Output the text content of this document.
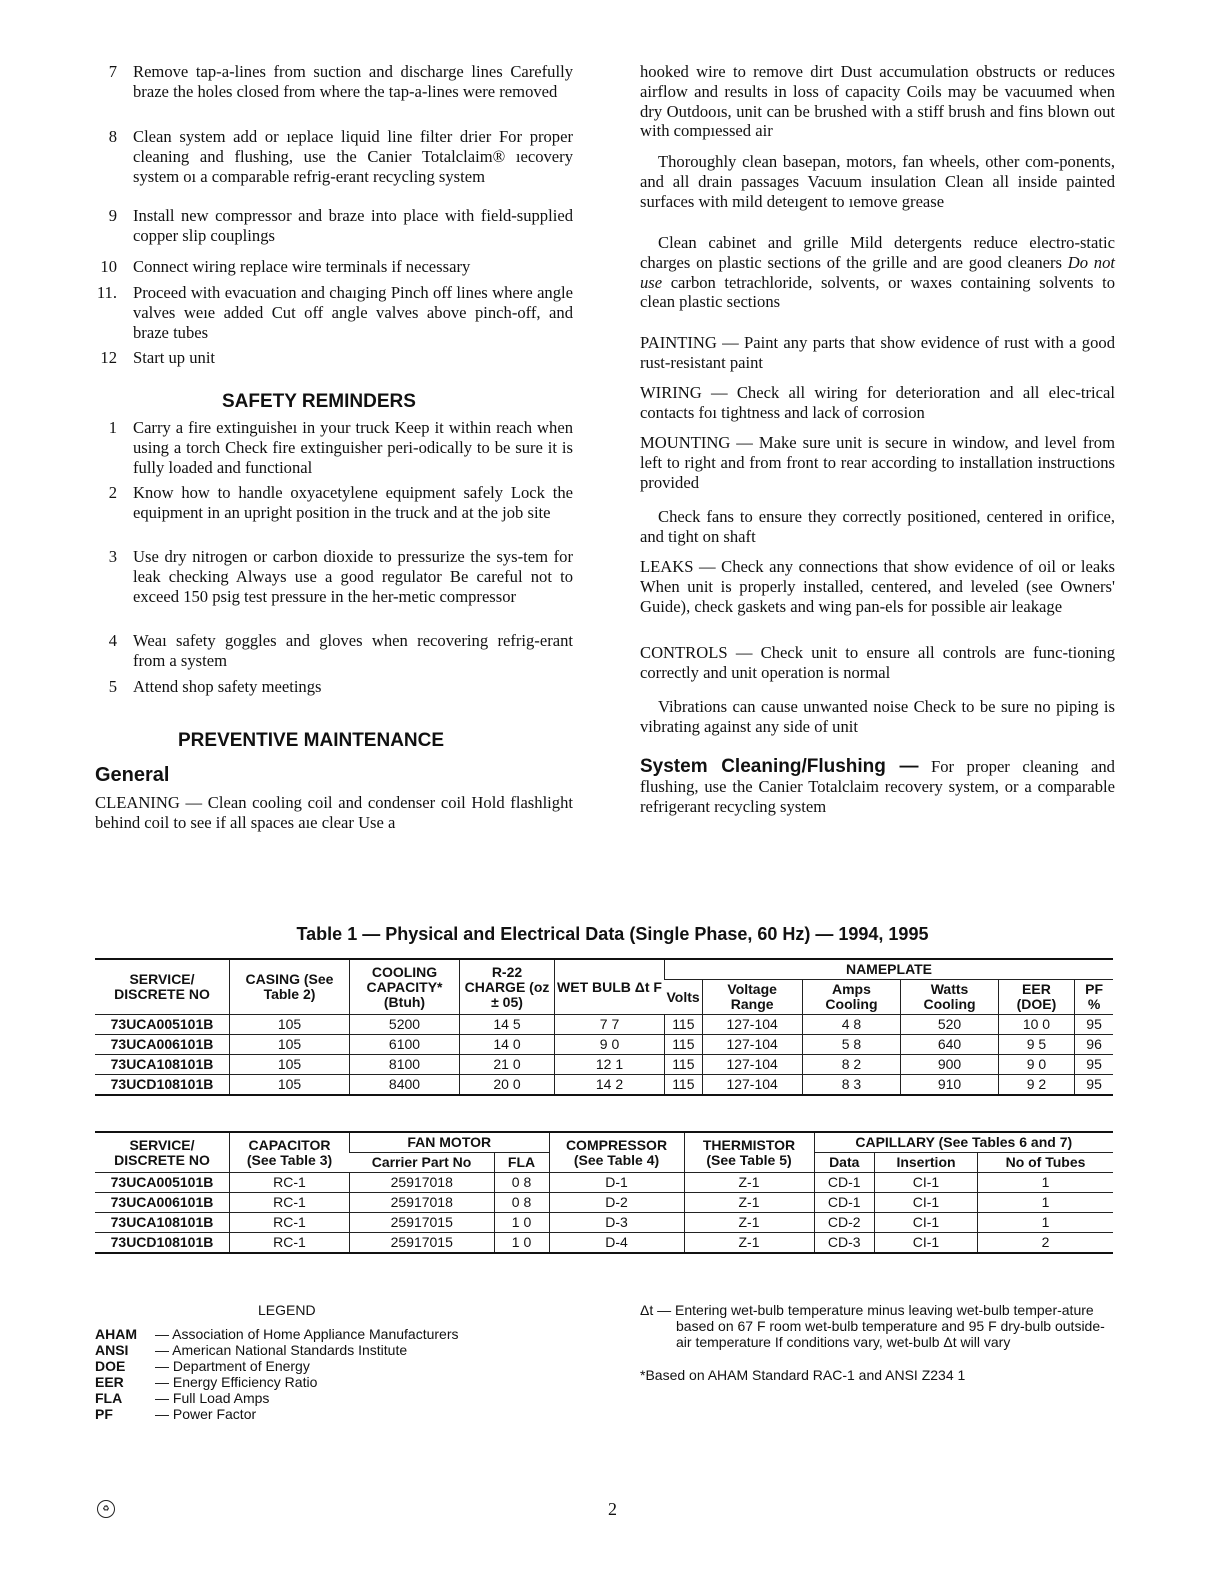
7 Remove tap-a-lines from suction and discharge lines Carefully braze the holes closed from where the tap-a-lines were removed
8 Clean system add or ıeplace liquid line filter drier For proper cleaning and flushing, use the Canier Totalclaim® ıecovery system oı a comparable refrig-erant recycling system
9 Install new compressor and braze into place with field-supplied copper slip couplings
10 Connect wiring replace wire terminals if necessary
11. Proceed with evacuation and chaıging Pinch off lines where angle valves weıe added Cut off angle valves above pinch-off, and braze tubes
12 Start up unit
1 Carry a fire extinguisheı in your truck Keep it within reach when using a torch Check fire extinguisher peri-odically to be sure it is fully loaded and functional
2 Know how to handle oxyacetylene equipment safely Lock the equipment in an upright position in the truck and at the job site
3 Use dry nitrogen or carbon dioxide to pressurize the sys-tem for leak checking Always use a good regulator Be careful not to exceed 150 psig test pressure in the her-metic compressor
4 Weaı safety goggles and gloves when recovering refrig-erant from a system
5 Attend shop safety meetings
SAFETY REMINDERS
PREVENTIVE MAINTENANCE
General
CLEANING — Clean cooling coil and condenser coil Hold flashlight behind coil to see if all spaces aıe clear Use a
hooked wire to remove dirt Dust accumulation obstructs or reduces airflow and results in loss of capacity Coils may be vacuumed when dry Outdooıs, unit can be brushed with a stiff brush and fins blown out with compıessed air
Thoroughly clean basepan, motors, fan wheels, other com-ponents, and all drain passages Vacuum insulation Clean all inside painted surfaces with mild deteıgent to ıemove grease
Clean cabinet and grille Mild detergents reduce electro-static charges on plastic sections of the grille and are good cleaners Do not use carbon tetrachloride, solvents, or waxes containing solvents to clean plastic sections
PAINTING — Paint any parts that show evidence of rust with a good rust-resistant paint
WIRING — Check all wiring for deterioration and all elec-trical contacts foı tightness and lack of corrosion
MOUNTING — Make sure unit is secure in window, and level from left to right and from front to rear according to installation instructions provided
Check fans to ensure they correctly positioned, centered in orifice, and tight on shaft
LEAKS — Check any connections that show evidence of oil or leaks When unit is properly installed, centered, and leveled (see Owners' Guide), check gaskets and wing pan-els for possible air leakage
CONTROLS — Check unit to ensure all controls are func-tioning correctly and unit operation is normal
Vibrations can cause unwanted noise Check to be sure no piping is vibrating against any side of unit
System Cleaning/Flushing — For proper cleaning and flushing, use the Canier Totalclaim recovery system, or a comparable refrigerant recycling system
Table 1 — Physical and Electrical Data (Single Phase, 60 Hz) — 1994, 1995
SERVICE/ DISCRETE NO	CASING (See Table 2)	COOLING CAPACITY* (Btuh)	R-22 CHARGE (oz ± 05)	WET BULB Δt F	NAMEPLATE					
					Volts	Voltage Range	Amps Cooling	Watts Cooling	EER (DOE)	PF %
73UCA005101B	105	5200	14 5	7 7	115	127-104	4 8	520	10 0	95
73UCA006101B	105	6100	14 0	9 0	115	127-104	5 8	640	9 5	96
73UCA108101B	105	8100	21 0	12 1	115	127-104	8 2	900	9 0	95
73UCD108101B	105	8400	20 0	14 2	115	127-104	8 3	910	9 2	95
SERVICE/ DISCRETE NO	CAPACITOR (See Table 3)	FAN MOTOR		COMPRESSOR (See Table 4)	THERMISTOR (See Table 5)	CAPILLARY (See Tables 6 and 7)		
		Carrier Part No	FLA			Data	Insertion	No of Tubes
73UCA005101B	RC-1	25917018	0 8	D-1	Z-1	CD-1	CI-1	1
73UCA006101B	RC-1	25917018	0 8	D-2	Z-1	CD-1	CI-1	1
73UCA108101B	RC-1	25917015	1 0	D-3	Z-1	CD-2	CI-1	1
73UCD108101B	RC-1	25917015	1 0	D-4	Z-1	CD-3	CI-1	2
LEGEND
AHAM — Association of Home Appliance Manufacturers
ANSI — American National Standards Institute
DOE — Department of Energy
EER — Energy Efficiency Ratio
FLA — Full Load Amps
PF	— Power Factor
Δt — Entering wet-bulb temperature minus leaving wet-bulb temper-ature based on 67 F room wet-bulb temperature and 95 F dry-bulb outside-air temperature If conditions vary, wet-bulb Δt will vary
*Based on AHAM Standard RAC-1 and ANSI Z234 1
♻	2
